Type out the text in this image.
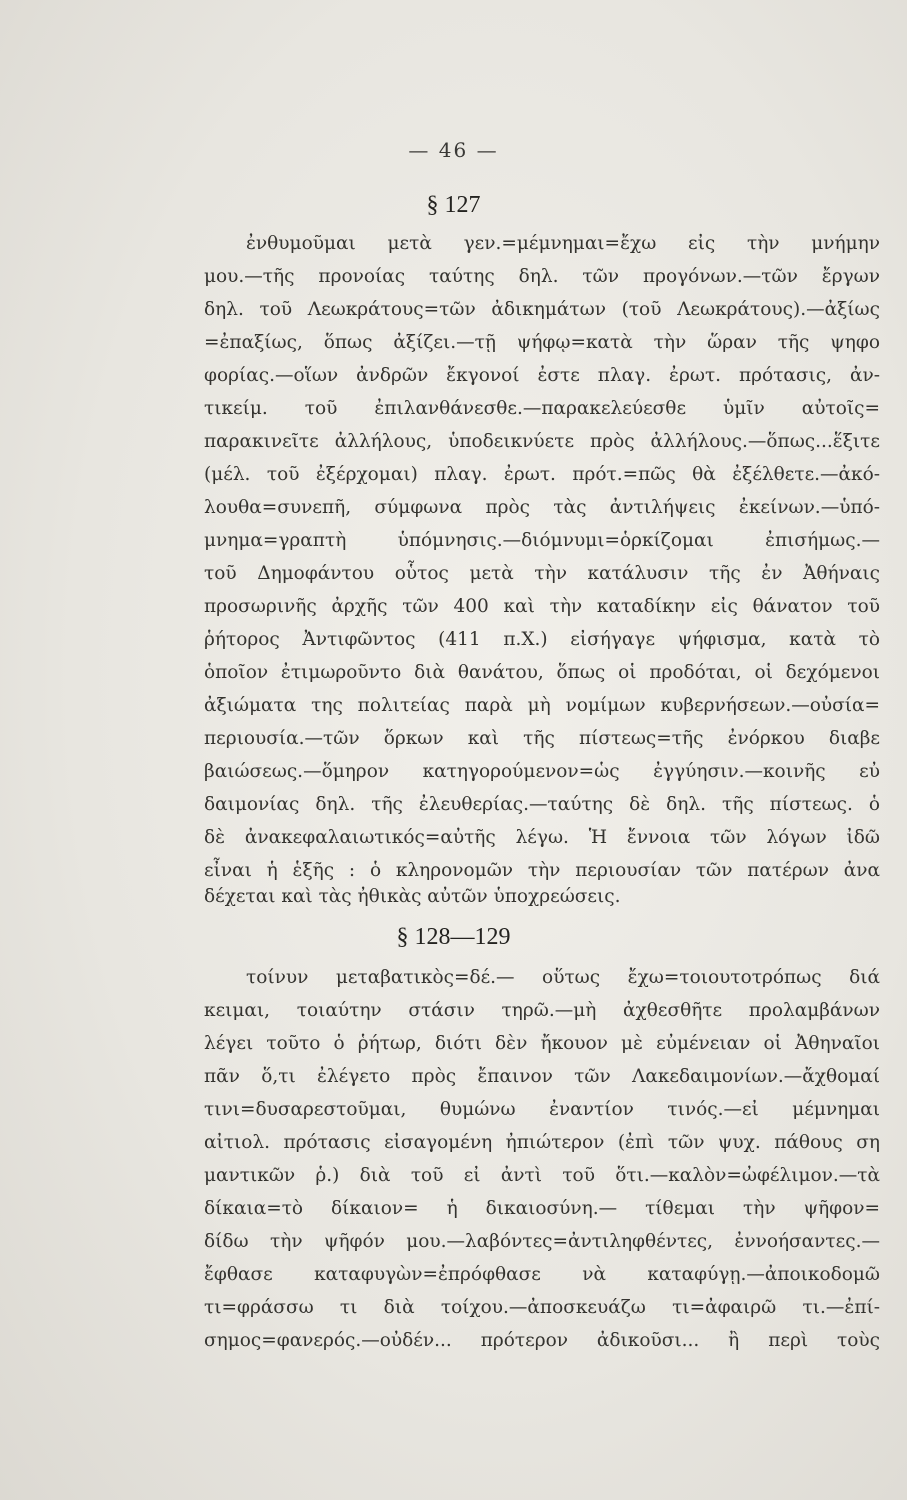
— 46 —
§ 127
ἐνθυμοῦμαι μετὰ γεν.=μέμνημαι=ἔχω εἰς τὴν μνήμην
μου.—τῆς προνοίας ταύτης δηλ. τῶν προγόνων.—τῶν ἔργων
δηλ. τοῦ Λεωκράτους=τῶν ἀδικημάτων (τοῦ Λεωκράτους).—ἀξίως
=ἐπαξίως, ὅπως ἀξίζει.—τῇ ψήφῳ=κατὰ τὴν ὥραν τῆς ψηφο
φορίας.—οἵων ἀνδρῶν ἔκγονοί ἐστε πλαγ. ἐρωτ. πρότασις, ἀν-
τικείμ. τοῦ ἐπιλανθάνεσθε.—παρακελεύεσθε ὑμῖν αὐτοῖς=
παρακινεῖτε ἀλλήλους, ὑποδεικνύετε πρὸς ἀλλήλους.—ὅπως...ἕξιτε
(μέλ. τοῦ ἐξέρχομαι) πλαγ. ἐρωτ. πρότ.=πῶς θὰ ἐξέλθετε.—ἀκό-
λουθα=συνεπῆ, σύμφωνα πρὸς τὰς ἀντιλήψεις ἐκείνων.—ὑπό-
μνημα=γραπτὴ ὑπόμνησις.—διόμνυμι=ὁρκίζομαι ἐπισήμως.—
τοῦ Δημοφάντου οὗτος μετὰ τὴν κατάλυσιν τῆς ἐν Ἀθήναις
προσωρινῆς ἀρχῆς τῶν 400 καὶ τὴν καταδίκην εἰς θάνατον τοῦ
ῥήτορος Ἀντιφῶντος (411 π.Χ.) εἰσήγαγε ψήφισμα, κατὰ τὸ
ὁποῖον ἐτιμωροῦντο διὰ θανάτου, ὅπως οἱ προδόται, οἱ δεχόμενοι
ἀξιώματα της πολιτείας παρὰ μὴ νομίμων κυβερνήσεων.—οὐσία=
περιουσία.—τῶν ὅρκων καὶ τῆς πίστεως=τῆς ἐνόρκου διαβε
βαιώσεως.—ὅμηρον κατηγορούμενον=ὡς ἐγγύησιν.—κοινῆς εὐ
δαιμονίας δηλ. τῆς ἐλευθερίας.—ταύτης δὲ δηλ. τῆς πίστεως. ὁ
δὲ ἀνακεφαλαιωτικός=αὐτῆς λέγω. Ἡ ἔννοια τῶν λόγων ἰδῶ
εἶναι ἡ ἑξῆς : ὁ κληρονομῶν τὴν περιουσίαν τῶν πατέρων ἀνα
δέχεται καὶ τὰς ἠθικὰς αὐτῶν ὑποχρεώσεις.
§ 128—129
τοίνυν μεταβατικὸς=δέ.— οὕτως ἔχω=τοιουτοτρόπως διά
κειμαι, τοιαύτην στάσιν τηρῶ.—μὴ ἀχθεσθῆτε προλαμβάνων
λέγει τοῦτο ὁ ῥήτωρ, διότι δὲν ἤκουον μὲ εὐμένειαν οἱ Ἀθηναῖοι
πᾶν ὅ,τι ἐλέγετο πρὸς ἔπαινον τῶν Λακεδαιμονίων.—ἄχθομαί
τινι=δυσαρεστοῦμαι, θυμώνω ἐναντίον τινός.—εἰ μέμνημαι
αἰτιολ. πρότασις εἰσαγομένη ἠπιώτερον (ἐπὶ τῶν ψυχ. πάθους ση
μαντικῶν ῥ.) διὰ τοῦ εἰ ἀντὶ τοῦ ὅτι.—καλὸν=ὠφέλιμον.—τὰ
δίκαια=τὸ δίκαιον= ἡ δικαιοσύνη.— τίθεμαι τὴν ψῆφον=
δίδω τὴν ψῆφόν μου.—λαβόντες=ἀντιληφθέντες, ἐννοήσαντες.—
ἔφθασε καταφυγὼν=ἐπρόφθασε νὰ καταφύγῃ.—ἀποικοδομῶ
τι=φράσσω τι διὰ τοίχου.—ἀποσκευάζω τι=ἀφαιρῶ τι.—ἐπί-
σημος=φανερός.—οὐδέν... πρότερον ἀδικοῦσι... ἢ περὶ τοὺς
